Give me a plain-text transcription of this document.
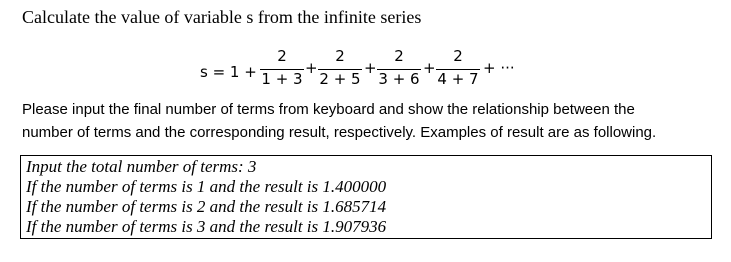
Calculate the value of variable s from the infinite series
s = 1 +
2
1 + 3
+
2
2 + 5
+
2
3 + 6
+
2
4 + 7
+ ···
Please input the final number of terms from keyboard and show the relationship between the
number of terms and the corresponding result, respectively. Examples of result are as following.
Input the total number of terms: 3
If the number of terms is 1 and the result is 1.400000
If the number of terms is 2 and the result is 1.685714
If the number of terms is 3 and the result is 1.907936
